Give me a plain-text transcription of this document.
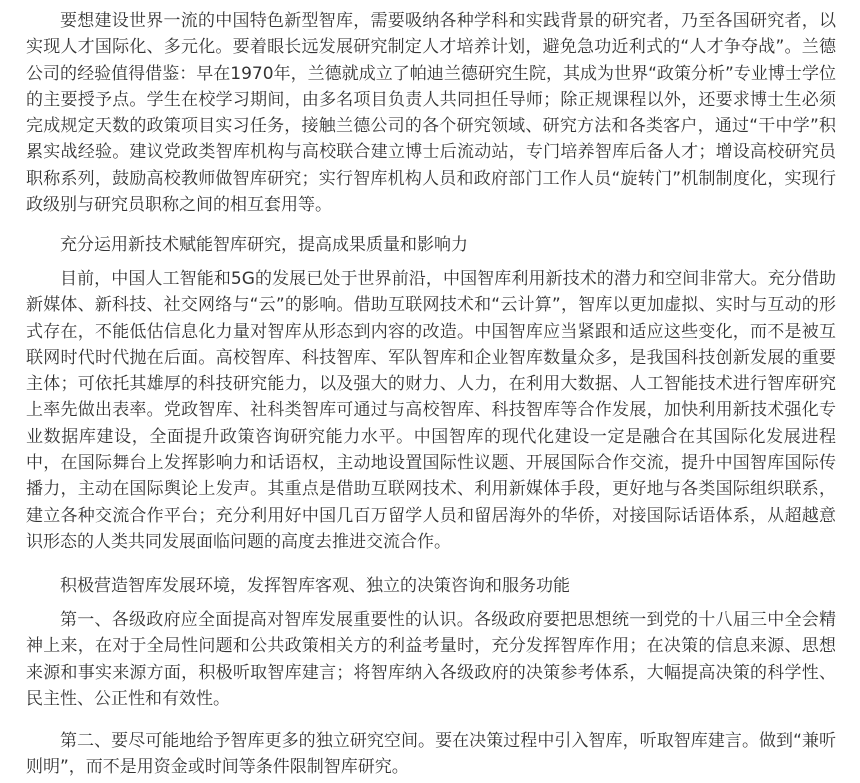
要想建设世界一流的中国特色新型智库，需要吸纳各种学科和实践背景的研究者，乃至各国研究者，以实现人才国际化、多元化。要着眼长远发展研究制定人才培养计划，避免急功近利式的“人才争夺战”。兰德公司的经验值得借鉴：早在1970年，兰德就成立了帕迪兰德研究生院，其成为世界“政策分析”专业博士学位的主要授予点。学生在校学习期间，由多名项目负责人共同担任导师；除正规课程以外，还要求博士生必须完成规定天数的政策项目实习任务，接触兰德公司的各个研究领域、研究方法和各类客户，通过“干中学”积累实战经验。建议党政类智库机构与高校联合建立博士后流动站，专门培养智库后备人才；增设高校研究员职称系列，鼓励高校教师做智库研究；实行智库机构人员和政府部门工作人员“旋转门”机制制度化，实现行政级别与研究员职称之间的相互套用等。

充分运用新技术赋能智库研究，提高成果质量和影响力

目前，中国人工智能和5G的发展已处于世界前沿，中国智库利用新技术的潜力和空间非常大。充分借助新媒体、新科技、社交网络与“云”的影响。借助互联网技术和“云计算”，智库以更加虚拟、实时与互动的形式存在，不能低估信息化力量对智库从形态到内容的改造。中国智库应当紧跟和适应这些变化，而不是被互联网时代时代抛在后面。高校智库、科技智库、军队智库和企业智库数量众多，是我国科技创新发展的重要主体；可依托其雄厚的科技研究能力，以及强大的财力、人力，在利用大数据、人工智能技术进行智库研究上率先做出表率。党政智库、社科类智库可通过与高校智库、科技智库等合作发展，加快利用新技术强化专业数据库建设，全面提升政策咨询研究能力水平。中国智库的现代化建设一定是融合在其国际化发展进程中，在国际舞台上发挥影响力和话语权，主动地设置国际性议题、开展国际合作交流，提升中国智库国际传播力，主动在国际舆论上发声。其重点是借助互联网技术、利用新媒体手段，更好地与各类国际组织联系，建立各种交流合作平台；充分利用好中国几百万留学人员和留居海外的华侨，对接国际话语体系，从超越意识形态的人类共同发展面临问题的高度去推进交流合作。

积极营造智库发展环境，发挥智库客观、独立的决策咨询和服务功能

第一、各级政府应全面提高对智库发展重要性的认识。各级政府要把思想统一到党的十八届三中全会精神上来，在对于全局性问题和公共政策相关方的利益考量时，充分发挥智库作用；在决策的信息来源、思想来源和事实来源方面，积极听取智库建言；将智库纳入各级政府的决策参考体系，大幅提高决策的科学性、民主性、公正性和有效性。

第二、要尽可能地给予智库更多的独立研究空间。要在决策过程中引入智库，听取智库建言。做到“兼听则明”，而不是用资金或时间等条件限制智库研究。
